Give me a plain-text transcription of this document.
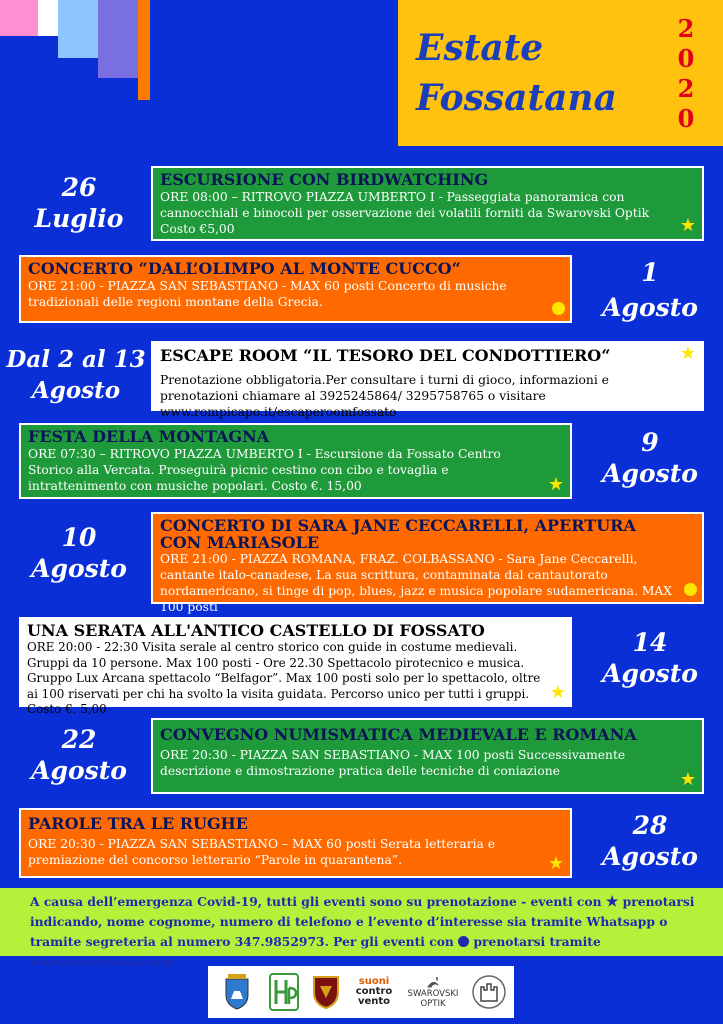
Estate
Fossatana
2
0
2
0
26
Luglio
ESCURSIONE CON BIRDWATCHING

ORE 08:00 – RITROVO PIAZZA UMBERTO I - Passeggiata panoramica con cannocchiali e binocoli per osservazione dei volatili forniti da Swarovski Optik Costo €5,00	★
CONCERTO “DALL’OLIMPO AL MONTE CUCCO“

ORE 21:00 - PIAZZA SAN SEBASTIANO - MAX 60 posti Concerto di musiche tradizionali delle regioni montane della Grecia.

1
Agosto
Dal 2 al 13
Agosto
ESCAPE ROOM “IL TESORO DEL CONDOTTIERO“

Prenotazione obbligatoria.Per consultare i turni di gioco, informazioni e prenotazioni chiamare al 3925245864/ 3295758765 o visitare www.rompicapo.it/escaperoomfossato

★
FESTA DELLA MONTAGNA

ORE 07:30 – RITROVO PIAZZA UMBERTO I - Escursione da Fossato Centro Storico alla Vercata. Proseguirà picnic cestino con cibo e tovaglia e intrattenimento con musiche popolari. Costo €. 15,00	★
9
Agosto
10
Agosto
CONCERTO DI SARA JANE CECCARELLI, APERTURA CON MARIASOLE

ORE 21:00 - PIAZZA ROMANA, FRAZ. COLBASSANO - Sara Jane Ceccarelli, cantante italo-canadese, La sua scrittura, contaminata dal cantautorato nordamericano, si tinge di pop, blues, jazz e musica popolare sudamericana. MAX 100 posti

UNA SERATA ALL'ANTICO CASTELLO DI FOSSATO

ORE 20:00 - 22:30 Visita serale al centro storico con guide in costume medievali. Gruppi da 10 persone. Max 100 posti - Ore 22.30 Spettacolo pirotecnico e musica. Gruppo Lux Arcana spettacolo “Belfagor”. Max 100 posti solo per lo spettacolo, oltre ai 100 riservati per chi ha svolto la visita guidata. Percorso unico per tutti i gruppi. Costo €. 5,00

★
14
Agosto
22
Agosto
CONVEGNO NUMISMATICA MEDIEVALE E ROMANA

ORE 20:30 - PIAZZA SAN SEBASTIANO - MAX 100 posti Successivamente descrizione e dimostrazione pratica delle tecniche di coniazione	★
PAROLE TRA LE RUGHE

ORE 20:30 - PIAZZA SAN SEBASTIANO – MAX 60 posti Serata letteraria e premiazione del concorso letterario “Parole in quarantena”.	★
28
Agosto

A causa dell’emergenza Covid-19, tutti gli eventi sono su prenotazione - eventi con ★ prenotarsi indicando, nome cognome, numero di telefono e l’evento d’interesse sia tramite Whatsapp o tramite segreteria al numero 347.9852973. Per gli eventi con prenotarsi tramite www.ticketitalia.com

suoni
contro
vento
SWAROVSKI
OPTIK
